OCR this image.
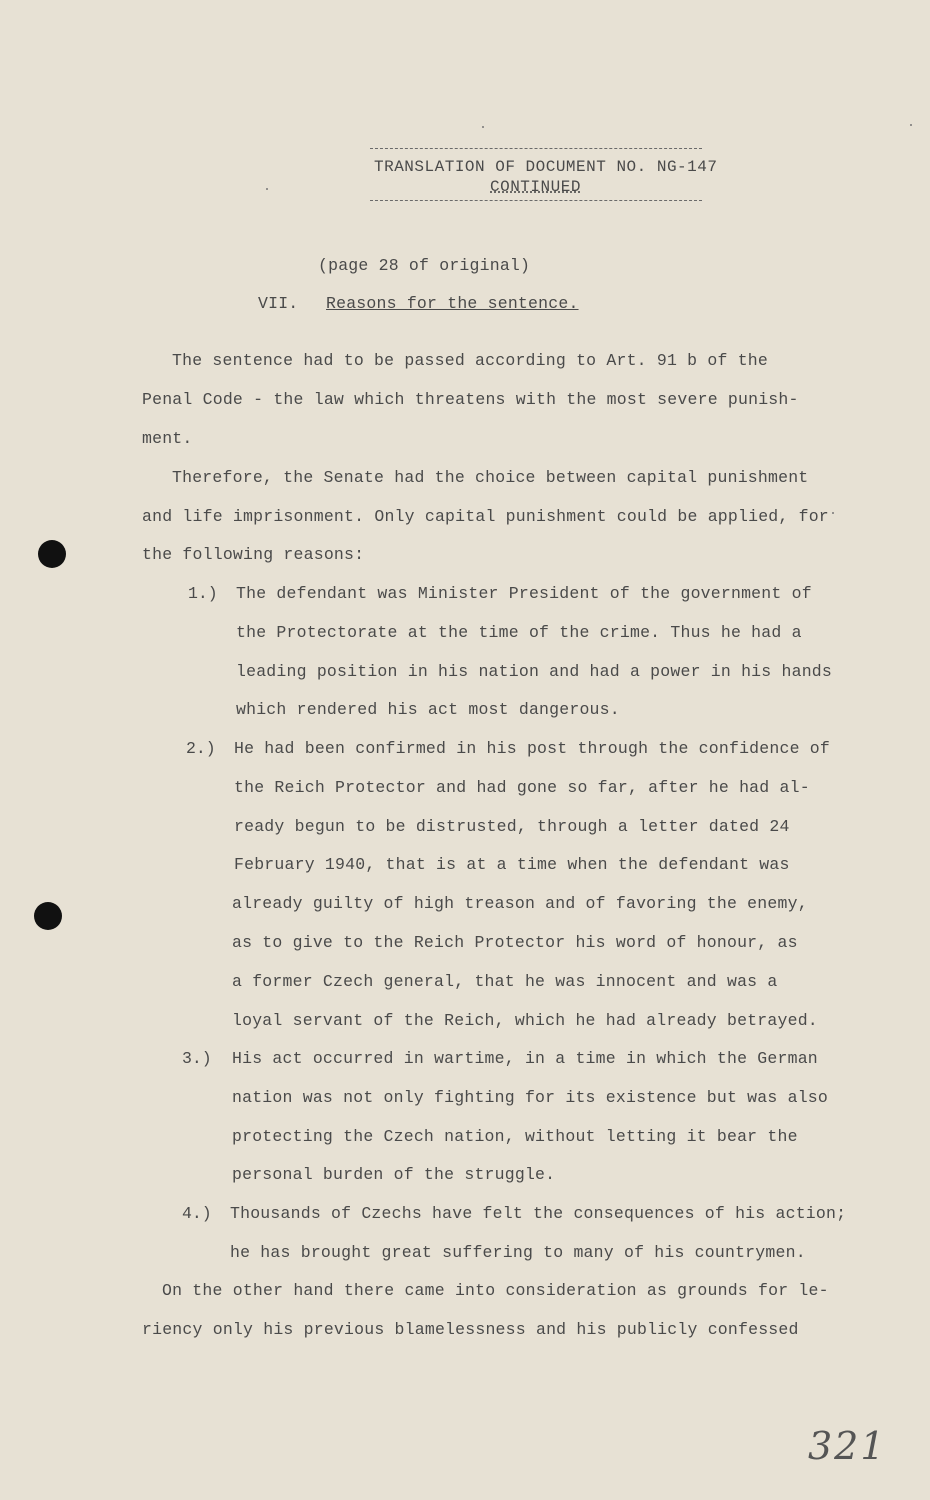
TRANSLATION OF DOCUMENT NO. NG-147
CONTINUED
(page 28 of original)
VII. Reasons for the sentence.
The sentence had to be passed according to Art. 91 b of the
Penal Code - the law which threatens with the most severe punish-
ment.
Therefore, the Senate had the choice between capital punishment
and life imprisonment. Only capital punishment could be applied, for
the following reasons:
1.) The defendant was Minister President of the government of
the Protectorate at the time of the crime. Thus he had a
leading position in his nation and had a power in his hands
which rendered his act most dangerous.
2.) He had been confirmed in his post through the confidence of
the Reich Protector and had gone so far, after he had al-
ready begun to be distrusted, through a letter dated 24
February 1940, that is at a time when the defendant was
already guilty of high treason and of favoring the enemy,
as to give to the Reich Protector his word of honour, as
a former Czech general, that he was innocent and was a
loyal servant of the Reich, which he had already betrayed.
3.) His act occurred in wartime, in a time in which the German
nation was not only fighting for its existence but was also
protecting the Czech nation, without letting it bear the
personal burden of the struggle.
4.) Thousands of Czechs have felt the consequences of his action;
he has brought great suffering to many of his countrymen.
On the other hand there came into consideration as grounds for le-
riency only his previous blamelessness and his publicly confessed
321
